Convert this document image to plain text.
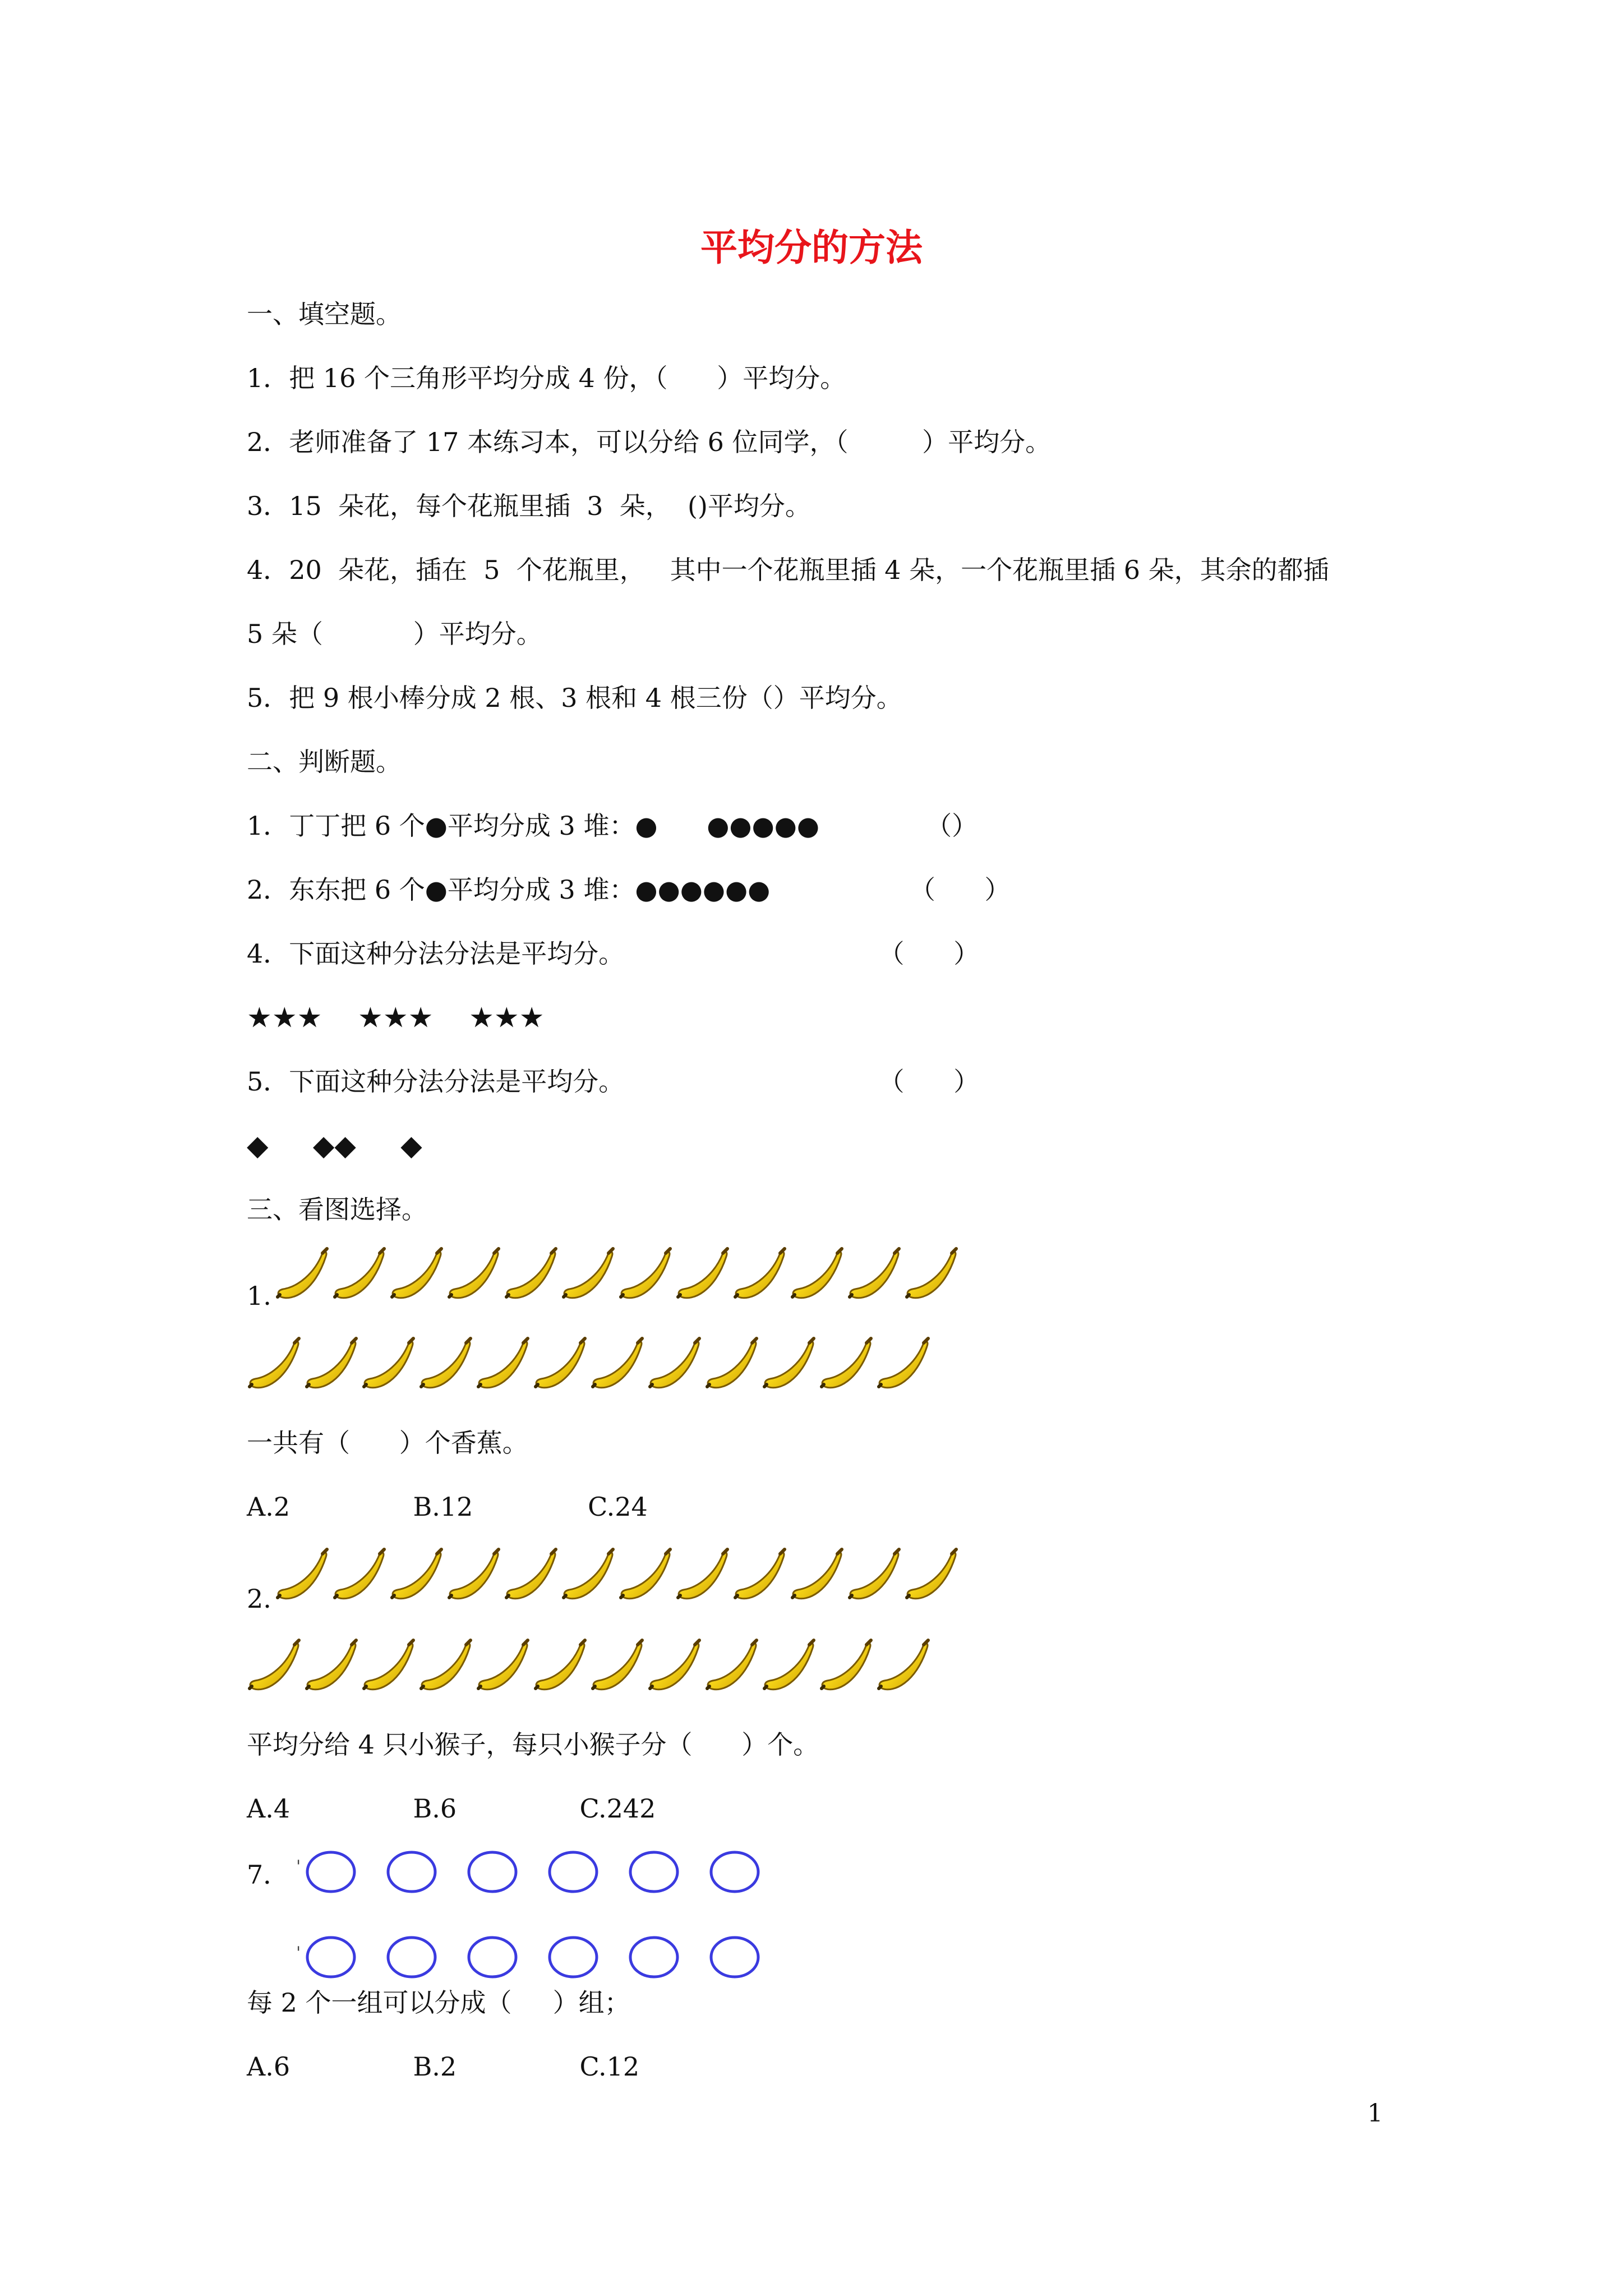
平均分的方法
一、填空题。
1．把 16 个三角形平均分成 4 份，（      ）平均分。
2．老师准备了 17 本练习本，可以分给 6 位同学，（         ）平均分。
3．15  朵花，每个花瓶里插  3  朵，  ()平均分。
4．20  朵花，插在  5  个花瓶里，   其中一个花瓶里插 4 朵，一个花瓶里插 6 朵，其余的都插
5 朵（           ）平均分。
5．把 9 根小棒分成 2 根、3 根和 4 根三份（）平均分。
二、判断题。
1．丁丁把 6 个●平均分成 3 堆：●      ●●●●●             （）
2．东东把 6 个●平均分成 3 堆：●●●●●●                 （      ）
4．下面这种分法分法是平均分。                               （      ）
★★★    ★★★    ★★★
5．下面这种分法分法是平均分。                               （      ）
◆     ◆◆     ◆
三、看图选择。
1.
一共有（      ）个香蕉。
A.2               B.12              C.24
2.
平均分给 4 只小猴子，每只小猴子分（      ）个。
A.4               B.6               C.242
7． '
'
每 2 个一组可以分成（     ）组；
A.6               B.2               C.12
1
